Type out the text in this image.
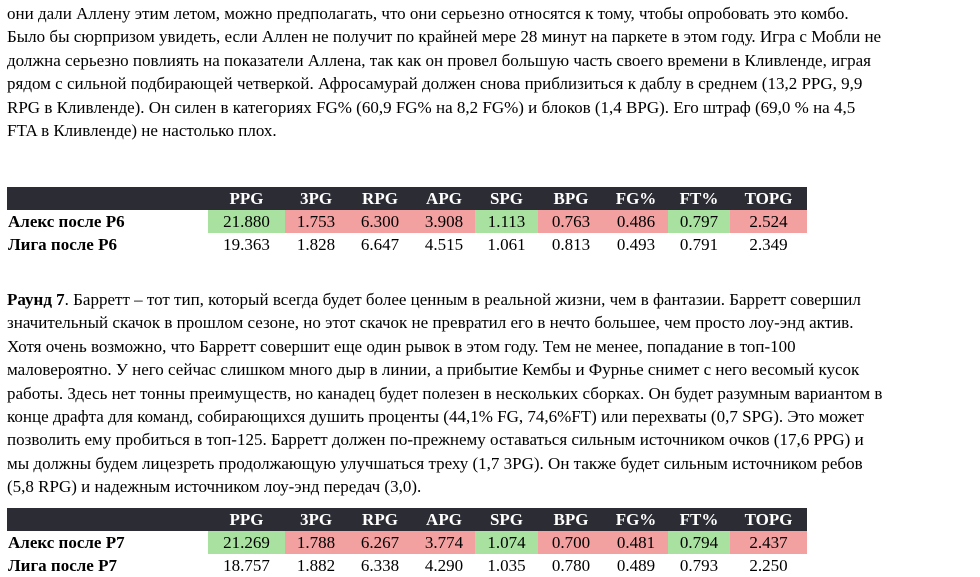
они дали Аллену этим летом, можно предполагать, что они серьезно относятся к тому, чтобы опробовать это комбо.
Было бы сюрпризом увидеть, если Аллен не получит по крайней мере 28 минут на паркете в этом году. Игра с Мобли не
должна серьезно повлиять на показатели Аллена, так как он провел большую часть своего времени в Кливленде, играя
рядом с сильной подбирающей четверкой. Афросамурай должен снова приблизиться к даблу в среднем (13,2 PPG, 9,9
RPG в Кливленде). Он силен в категориях FG% (60,9 FG% на 8,2 FG%) и блоков (1,4 BPG). Его штраф (69,0 % на 4,5
FTA в Кливленде) не настолько плох.

	PPG	3PG	RPG	APG	SPG	BPG	FG%	FT%	TOPG
Алекс после Р6	21.880	1.753	6.300	3.908	1.113	0.763	0.486	0.797	2.524
Лига после Р6	19.363	1.828	6.647	4.515	1.061	0.813	0.493	0.791	2.349

Раунд 7. Барретт – тот тип, который всегда будет более ценным в реальной жизни, чем в фантазии. Барретт совершил
значительный скачок в прошлом сезоне, но этот скачок не превратил его в нечто большее, чем просто лоу-энд актив.
Хотя очень возможно, что Барретт совершит еще один рывок в этом году. Тем не менее, попадание в топ-100
маловероятно. У него сейчас слишком много дыр в линии, а прибытие Кембы и Фурнье снимет с него весомый кусок
работы. Здесь нет тонны преимуществ, но канадец будет полезен в нескольких сборках. Он будет разумным вариантом в
конце драфта для команд, собирающихся душить проценты (44,1% FG, 74,6%FT) или перехваты (0,7 SPG). Это может
позволить ему пробиться в топ-125. Барретт должен по-прежнему оставаться сильным источником очков (17,6 PPG) и
мы должны будем лицезреть продолжающую улучшаться треху (1,7 3PG). Он также будет сильным источником ребов
(5,8 RPG) и надежным источником лоу-энд передач (3,0).

	PPG	3PG	RPG	APG	SPG	BPG	FG%	FT%	TOPG
Алекс после Р7	21.269	1.788	6.267	3.774	1.074	0.700	0.481	0.794	2.437
Лига после Р7	18.757	1.882	6.338	4.290	1.035	0.780	0.489	0.793	2.250
